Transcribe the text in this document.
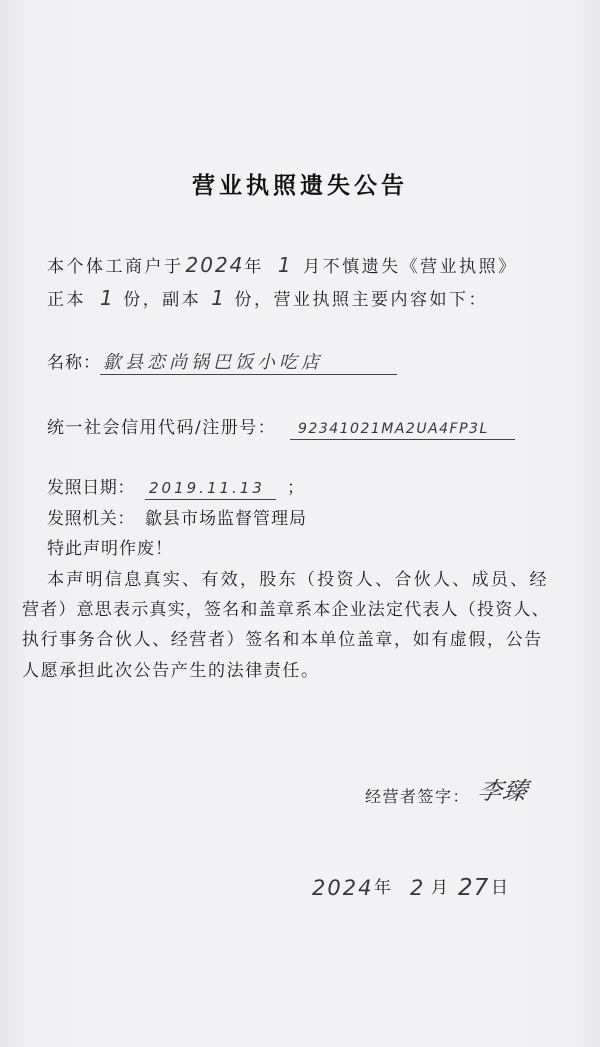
营业执照遗失公告
本个体工商户于 2024年 1 月不慎遗失《营业执照》
正本 1 份，副本 1 份，营业执照主要内容如下：
名称： 歙县恋尚锅巴饭小吃店
统一社会信用代码/注册号：	92341021MA2UA4FP3L
发照日期： 2019.11.13	；
发照机关： 歙县市场监督管理局
特此声明作废！
本声明信息真实、有效，股东（投资人、合伙人、成员、经
营者）意思表示真实，签名和盖章系本企业法定代表人（投资人、
执行事务合伙人、经营者）签名和本单位盖章，如有虚假，公告
人愿承担此次公告产生的法律责任。
经营者签字： 李臻
2024 年 2 月 27 日
